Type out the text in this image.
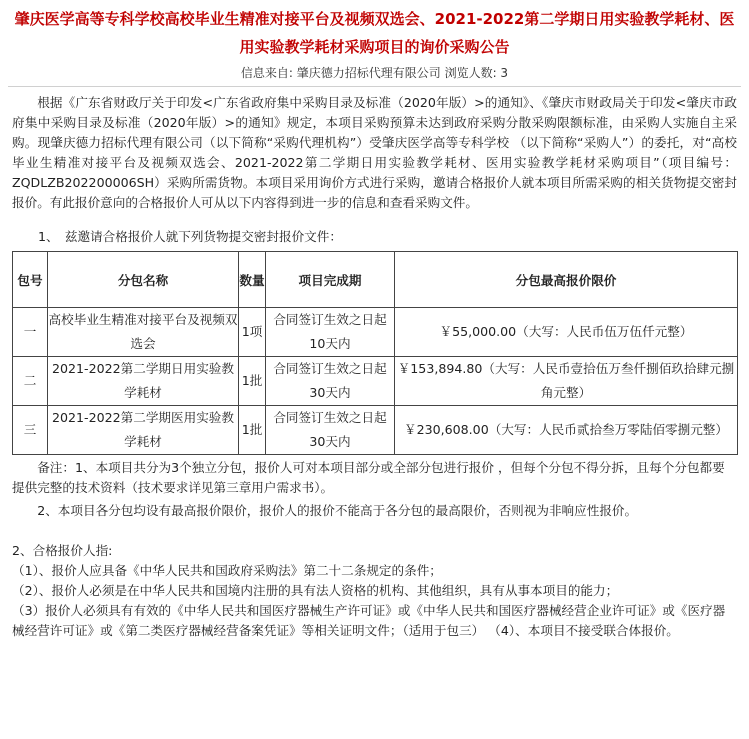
肇庆医学高等专科学校高校毕业生精准对接平台及视频双选会、2021-2022第二学期日用实验教学耗材、医用实验教学耗材采购项目的询价采购公告
信息来自: 肇庆德力招标代理有限公司 浏览人数: 3

根据《广东省财政厅关于印发<广东省政府集中采购目录及标准（2020年版）>的通知》、《肇庆市财政局关于印发<肇庆市政府集中采购目录及标准（2020年版）>的通知》规定，本项目采购预算未达到政府采购分散采购限额标准，由采购人实施自主采购。现肇庆德力招标代理有限公司（以下简称“采购代理机构”）受肇庆医学高等专科学校 （以下简称“采购人”）的委托，对“高校毕业生精准对接平台及视频双选会、2021-2022第二学期日用实验教学耗材、医用实验教学耗材采购项目”（项目编号：ZQDLZB202200006SH）采购所需货物。本项目采用询价方式进行采购，邀请合格报价人就本项目所需采购的相关货物提交密封报价。有此报价意向的合格报价人可从以下内容得到进一步的信息和查看采购文件。

1、　兹邀请合格报价人就下列货物提交密封报价文件：
包号	分包名称	数量	项目完成期	分包最高报价限价
一	高校毕业生精准对接平台及视频双选会	1项	合同签订生效之日起10天内	￥55,000.00（大写：人民币伍万伍仟元整）
二	2021-2022第二学期日用实验教学耗材	1批	合同签订生效之日起30天内	￥153,894.80（大写：人民币壹拾伍万叁仟捌佰玖拾肆元捌角元整）
三	2021-2022第二学期医用实验教学耗材	1批	合同签订生效之日起30天内	￥230,608.00（大写：人民币贰拾叁万零陆佰零捌元整）
备注：1、本项目共分为3个独立分包，报价人可对本项目部分或全部分包进行报价 ，但每个分包不得分拆，且每个分包都要提供完整的技术资料（技术要求详见第三章用户需求书）。
2、本项目各分包均设有最高报价限价，报价人的报价不能高于各分包的最高限价，否则视为非响应性报价。
2、合格报价人指:
（1）、报价人应具备《中华人民共和国政府采购法》第二十二条规定的条件；
（2）、报价人必须是在中华人民共和国境内注册的具有法人资格的机构、其他组织，具有从事本项目的能力；
（3）报价人必须具有有效的《中华人民共和国医疗器械生产许可证》或《中华人民共和国医疗器械经营企业许可证》或《医疗器械经营许可证》或《第二类医疗器械经营备案凭证》等相关证明文件；（适用于包三） （4）、本项目不接受联合体报价。
